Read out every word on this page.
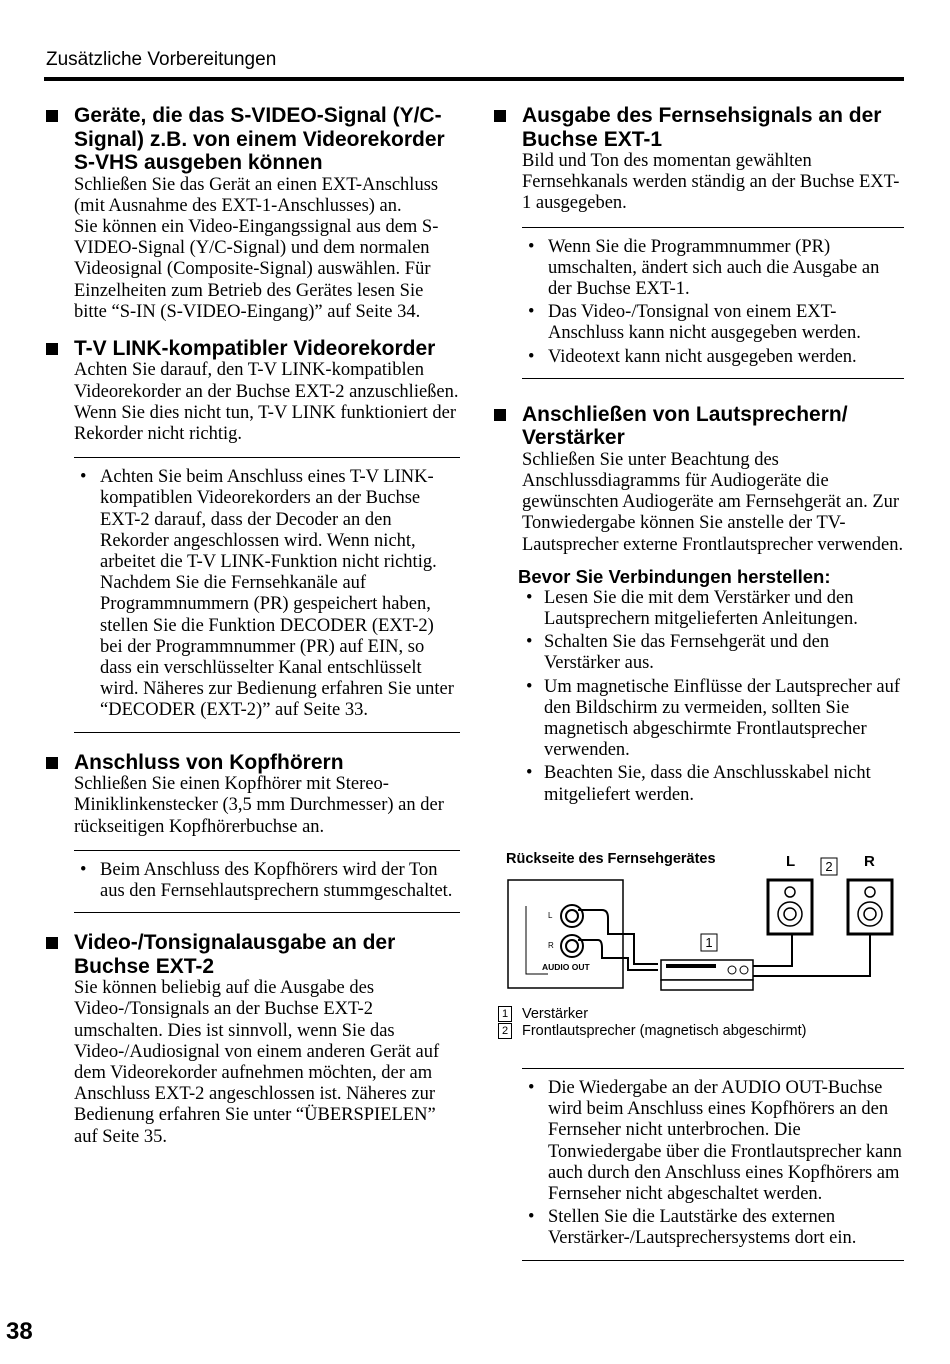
Zusätzliche Vorbereitungen
Geräte, die das S-VIDEO-Signal (Y/C-Signal) z.B. von einem Videorekorder S-VHS ausgeben können
Schließen Sie das Gerät an einen EXT-Anschluss (mit Ausnahme des EXT-1-Anschlusses) an.
Sie können ein Video-Eingangssignal aus dem S-VIDEO-Signal (Y/C-Signal) und dem normalen Videosignal (Composite-Signal) auswählen. Für Einzelheiten zum Betrieb des Gerätes lesen Sie bitte “S-IN (S-VIDEO-Eingang)” auf Seite 34.
T-V LINK-kompatibler Videorekorder
Achten Sie darauf, den T-V LINK-kompatiblen Videorekorder an der Buchse EXT-2 anzuschließen. Wenn Sie dies nicht tun, T-V LINK funktioniert der Rekorder nicht richtig.
• Achten Sie beim Anschluss eines T-V LINK-kompatiblen Videorekorders an der Buchse EXT-2 darauf, dass der Decoder an den Rekorder angeschlossen wird. Wenn nicht, arbeitet die T-V LINK-Funktion nicht richtig. Nachdem Sie die Fernsehkanäle auf Programmnummern (PR) gespeichert haben, stellen Sie die Funktion DECODER (EXT-2) bei der Programmnummer (PR) auf EIN, so dass ein verschlüsselter Kanal entschlüsselt wird. Näheres zur Bedienung erfahren Sie unter “DECODER (EXT-2)” auf Seite 33.
Anschluss von Kopfhörern
Schließen Sie einen Kopfhörer mit Stereo-Miniklinkenstecker (3,5 mm Durchmesser) an der rückseitigen Kopfhörerbuchse an.
• Beim Anschluss des Kopfhörers wird der Ton aus den Fernsehlautsprechern stummgeschaltet.
Video-/Tonsignalausgabe an der Buchse EXT-2
Sie können beliebig auf die Ausgabe des Video-/Tonsignals an der Buchse EXT-2 umschalten. Dies ist sinnvoll, wenn Sie das Video-/Audiosignal von einem anderen Gerät auf dem Videorekorder aufnehmen möchten, der am Anschluss EXT-2 angeschlossen ist. Näheres zur Bedienung erfahren Sie unter “ÜBERSPIELEN” auf Seite 35.
Ausgabe des Fernsehsignals an der Buchse EXT-1
Bild und Ton des momentan gewählten Fernsehkanals werden ständig an der Buchse EXT-1 ausgegeben.
• Wenn Sie die Programmnummer (PR) umschalten, ändert sich auch die Ausgabe an der Buchse EXT-1.
• Das Video-/Tonsignal von einem EXT-Anschluss kann nicht ausgegeben werden.
• Videotext kann nicht ausgegeben werden.
Anschließen von Lautsprechern/ Verstärker
Schließen Sie unter Beachtung des Anschlussdiagramms für Audiogeräte die gewünschten Audiogeräte am Fernsehgerät an. Zur Tonwiedergabe können Sie anstelle der TV-Lautsprecher externe Frontlautsprecher verwenden.
Bevor Sie Verbindungen herstellen:
• Lesen Sie die mit dem Verstärker und den Lautsprechern mitgelieferten Anleitungen.
• Schalten Sie das Fernsehgerät und den Verstärker aus.
• Um magnetische Einflüsse der Lautsprecher auf den Bildschirm zu vermeiden, sollten Sie magnetisch abgeschirmte Frontlautsprecher verwenden.
• Beachten Sie, dass die Anschlusskabel nicht mitgeliefert werden.
Rückseite des Fernsehgerätes	L 2 R
L
R
AUDIO OUT
1
1 Verstärker
2 Frontlautsprecher (magnetisch abgeschirmt)
• Die Wiedergabe an der AUDIO OUT-Buchse wird beim Anschluss eines Kopfhörers an den Fernseher nicht unterbrochen. Die Tonwiedergabe über die Frontlautsprecher kann auch durch den Anschluss eines Kopfhörers am Fernseher nicht abgeschaltet werden.
• Stellen Sie die Lautstärke des externen Verstärker-/Lautsprechersystems dort ein.
38
